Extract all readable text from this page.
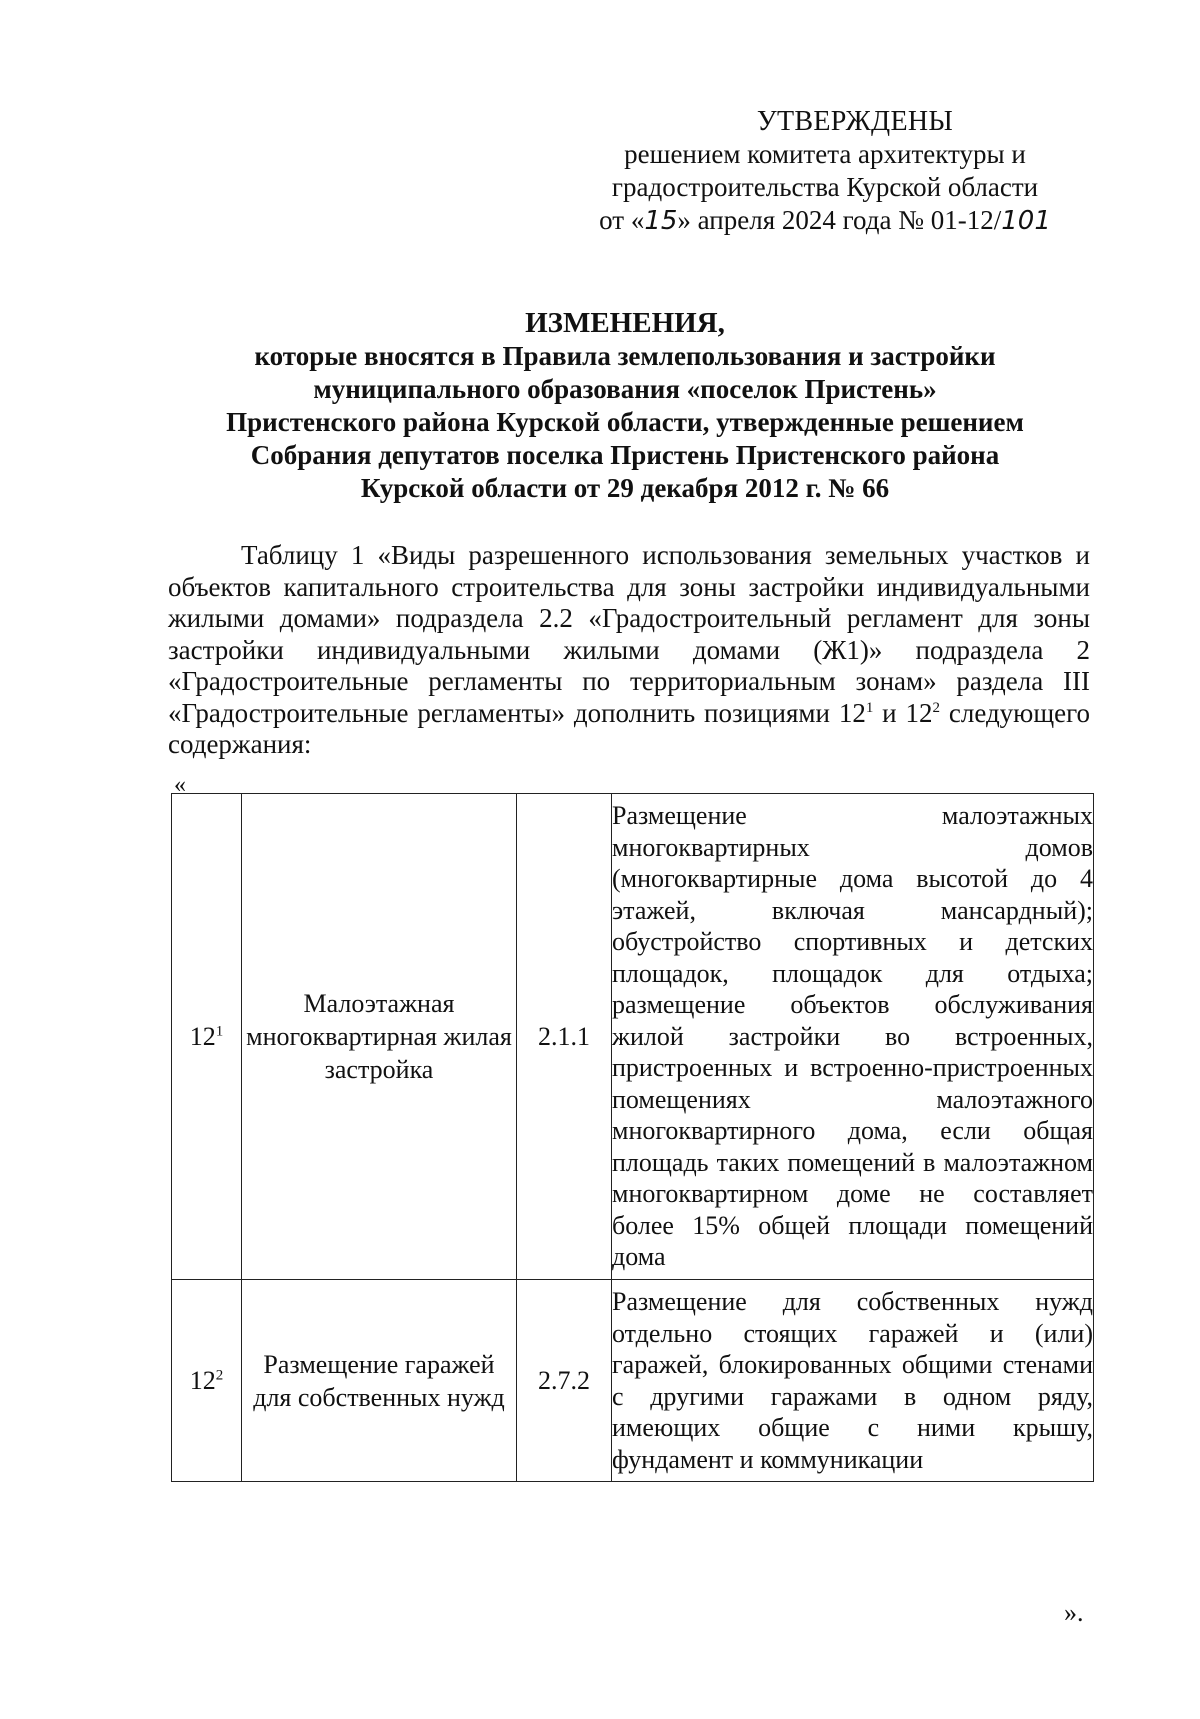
УТВЕРЖДЕНЫ
решением комитета архитектуры и
градостроительства Курской области
от «15» апреля 2024 года № 01-12/101
ИЗМЕНЕНИЯ,
которые вносятся в Правила землепользования и застройки
муниципального образования «поселок Пристень»
Пристенского района Курской области, утвержденные решением
Собрания депутатов поселка Пристень Пристенского района
Курской области от 29 декабря 2012 г. № 66
Таблицу 1 «Виды разрешенного использования земельных участков и объектов капитального строительства для зоны застройки индивидуальными жилыми домами» подраздела 2.2 «Градостроительный регламент для зоны застройки индивидуальными жилыми домами (Ж1)» подраздела 2 «Градостроительные регламенты по территориальным зонам» раздела III «Градостроительные регламенты» дополнить позициями $12^1$ и $12^2$ следующего содержания:
«
$12^1$	Малоэтажная многоквартирная жилая застройка	2.1.1	Размещение малоэтажных многоквартирных домов (многоквартирные дома высотой до 4 этажей, включая мансардный); обустройство спортивных и детских площадок, площадок для отдыха; размещение объектов обслуживания жилой застройки во встроенных, пристроенных и встроенно-пристроенных помещениях малоэтажного многоквартирного дома, если общая площадь таких помещений в малоэтажном многоквартирном доме не составляет более 15% общей площади помещений дома
$12^2$	Размещение гаражей для собственных нужд	2.7.2	Размещение для собственных нужд отдельно стоящих гаражей и (или) гаражей, блокированных общими стенами с другими гаражами в одном ряду, имеющих общие с ними крышу, фундамент и коммуникации
».
